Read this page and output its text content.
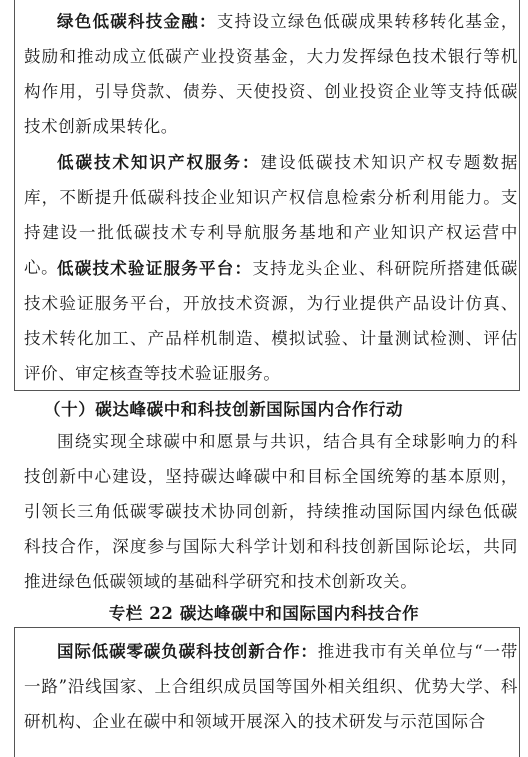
绿色低碳科技金融：支持设立绿色低碳成果转移转化基金，鼓励和推动成立低碳产业投资基金，大力发挥绿色技术银行等机构作用，引导贷款、债券、天使投资、创业投资企业等支持低碳技术创新成果转化。

低碳技术知识产权服务：建设低碳技术知识产权专题数据库，不断提升低碳科技企业知识产权信息检索分析利用能力。支持建设一批低碳技术专利导航服务基地和产业知识产权运营中心。

低碳技术验证服务平台：支持龙头企业、科研院所搭建低碳技术验证服务平台，开放技术资源，为行业提供产品设计仿真、技术转化加工、产品样机制造、模拟试验、计量测试检测、评估评价、审定核查等技术验证服务。

（十）碳达峰碳中和科技创新国际国内合作行动

围绕实现全球碳中和愿景与共识，结合具有全球影响力的科技创新中心建设，坚持碳达峰碳中和目标全国统筹的基本原则，引领长三角低碳零碳技术协同创新，持续推动国际国内绿色低碳科技合作，深度参与国际大科学计划和科技创新国际论坛，共同推进绿色低碳领域的基础科学研究和技术创新攻关。

专栏 22 碳达峰碳中和国际国内科技合作

国际低碳零碳负碳科技创新合作：推进我市有关单位与“一带一路”沿线国家、上合组织成员国等国外相关组织、优势大学、科研机构、企业在碳中和领域开展深入的技术研发与示范国际合
